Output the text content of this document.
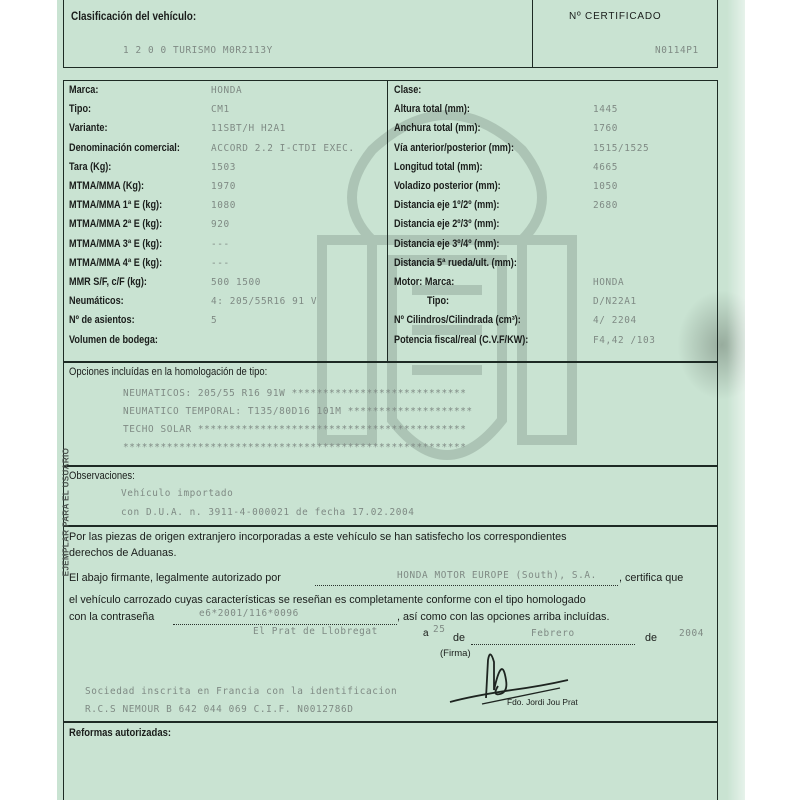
Clasificación del vehículo:
1 2 0 0 TURISMO M0R2113Y
Nº CERTIFICADO
N0114P1
Opciones incluídas en la homologación de tipo:
Observaciones:
Vehículo importado
con D.U.A. n. 3911-4-000021 de fecha 17.02.2004
Por las piezas de origen extranjero incorporadas a este vehículo se han satisfecho los correspondientes
derechos de Aduanas.
El abajo firmante, legalmente autorizado por	HONDA MOTOR EUROPE (South), S.A. , certifica que
el vehículo carrozado cuyas características se reseñan es completamente conforme con el tipo homologado
con la contraseña	e6*2001/116*0096	, así como con las opciones arriba incluídas.
El Prat de Llobregat	a 25
de	Febrero	de 2004
(Firma)
Fdo. Jordi Jou Prat
Sociedad inscrita en Francia con la identificacion
R.C.S NEMOUR B 642 044 069 C.I.F. N0012786D
Reformas autorizadas:
Marca:	HONDA
Tipo:	CM1
Variante:	11SBT/H H2A1
Denominación comercial:	ACCORD 2.2 I-CTDI EXEC.
Tara (Kg):	1503
MTMA/MMA (Kg):	1970
MTMA/MMA 1ª E (kg):	1080
MTMA/MMA 2ª E (kg):	920
MTMA/MMA 3ª E (kg):	---
MTMA/MMA 4ª E (kg):	---
MMR S/F, c/F (kg):	500 1500
Neumáticos:	4: 205/55R16 91 V
Nº de asientos:	5
Volumen de bodega:
Clase:
Altura total (mm):	1445
Anchura total (mm):	1760
Vía anterior/posterior (mm):	1515/1525
Longitud total (mm):	4665
Voladizo posterior (mm):	1050
Distancia eje 1º/2º (mm):	2680
Distancia eje 2º/3º (mm):
Distancia eje 3º/4º (mm):
Distancia 5ª rueda/ult. (mm):
Motor: Marca:	HONDA
Tipo:	D/N22A1
Nº Cilindros/Cilindrada (cm³):	4/ 2204
Potencia fiscal/real (C.V.F/KW):	F4,42 /103
NEUMATICOS: 205/55 R16 91W ****************************
NEUMATICO TEMPORAL: T135/80D16 101M ********************
TECHO SOLAR *******************************************
*******************************************************
EJEMPLAR PARA EL USUARIO
